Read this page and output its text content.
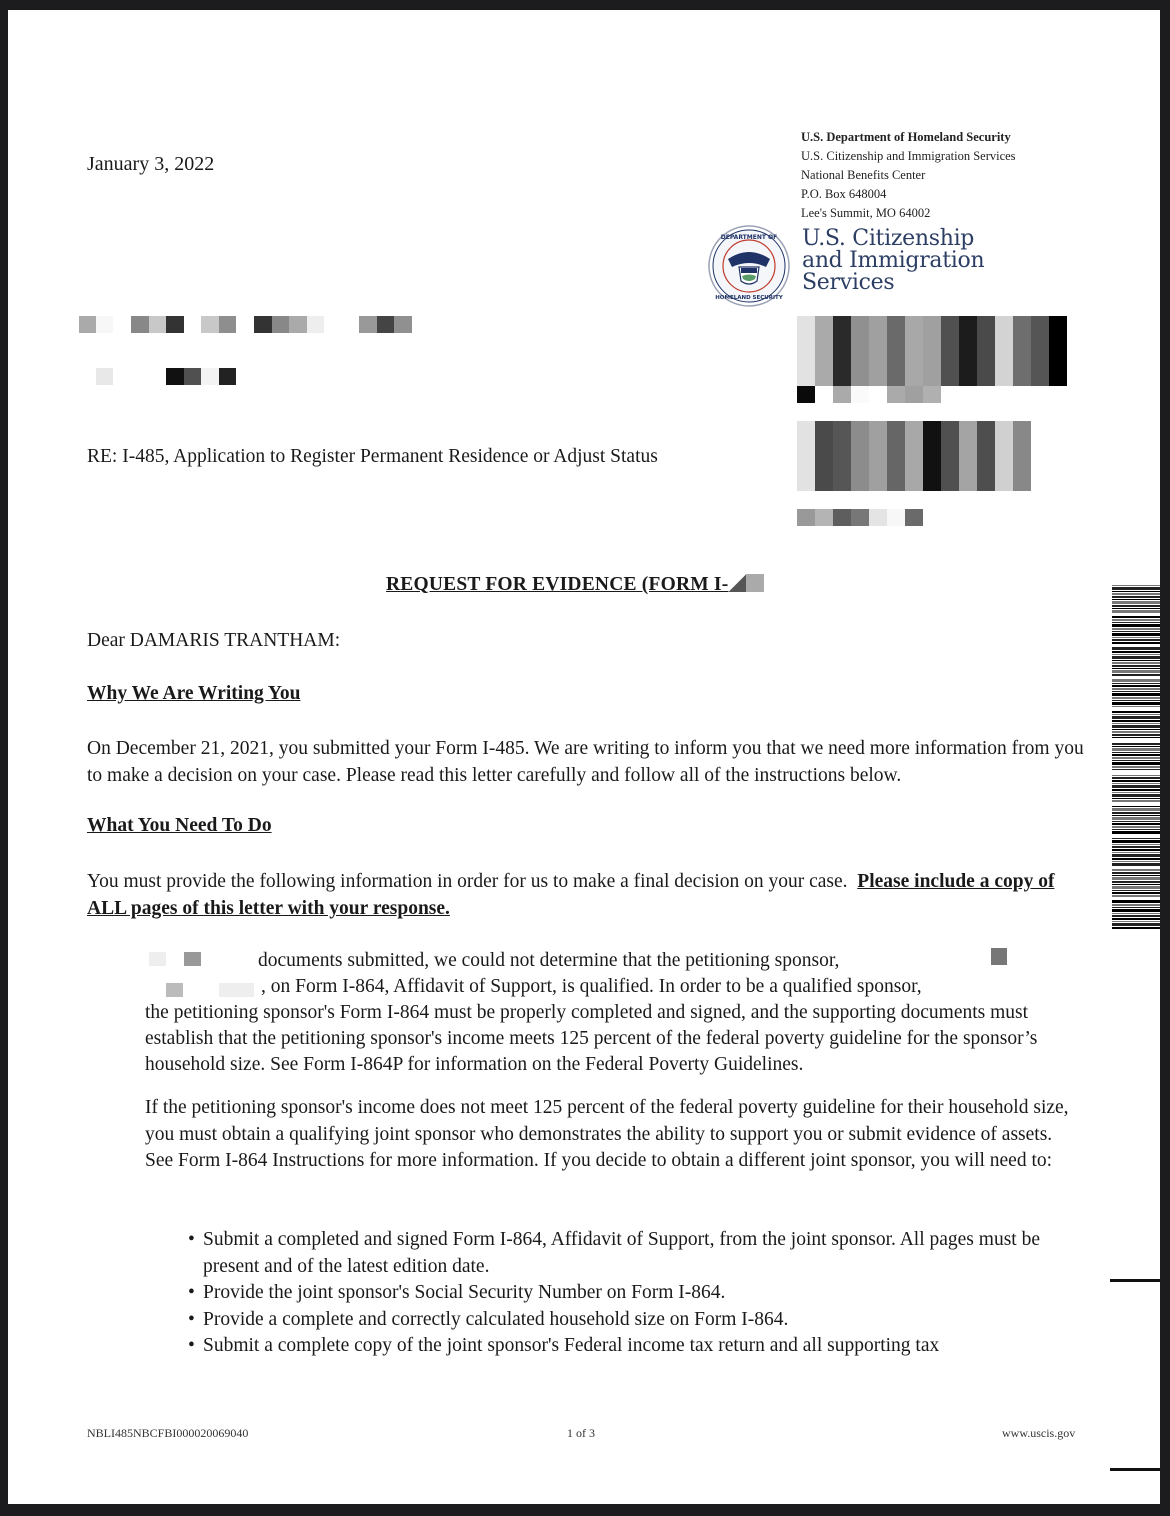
January 3, 2022
U.S. Department of Homeland Security
U.S. Citizenship and Immigration Services
National Benefits Center
P.O. Box 648004
Lee's Summit, MO 64002
DEPARTMENT OF
HOMELAND SECURITY
U.S. Citizenship
and Immigration
Services
RE: I-485, Application to Register Permanent Residence or Adjust Status
REQUEST FOR EVIDENCE (FORM I-
Dear DAMARIS TRANTHAM:
Why We Are Writing You
On December 21, 2021, you submitted your Form I-485. We are writing to inform you that we need more information from you to make a decision on your case. Please read this letter carefully and follow all of the instructions below.
What You Need To Do
You must provide the following information in order for us to make a final decision on your case. Please include a copy of ALL pages of this letter with your response.
documents submitted, we could not determine that the petitioning sponsor,
, on Form I-864, Affidavit of Support, is qualified. In order to be a qualified sponsor,
the petitioning sponsor's Form I-864 must be properly completed and signed, and the supporting documents must establish that the petitioning sponsor's income meets 125 percent of the federal poverty guideline for the sponsor’s household size. See Form I-864P for information on the Federal Poverty Guidelines.
If the petitioning sponsor's income does not meet 125 percent of the federal poverty guideline for their household size, you must obtain a qualifying joint sponsor who demonstrates the ability to support you or submit evidence of assets. See Form I-864 Instructions for more information. If you decide to obtain a different joint sponsor, you will need to:
• Submit a completed and signed Form I-864, Affidavit of Support, from the joint sponsor. All pages must be present and of the latest edition date.
• Provide the joint sponsor's Social Security Number on Form I-864.
• Provide a complete and correctly calculated household size on Form I-864.
• Submit a complete copy of the joint sponsor's Federal income tax return and all supporting tax
NBLI485NBCFBI000020069040	1 of 3	www.uscis.gov
